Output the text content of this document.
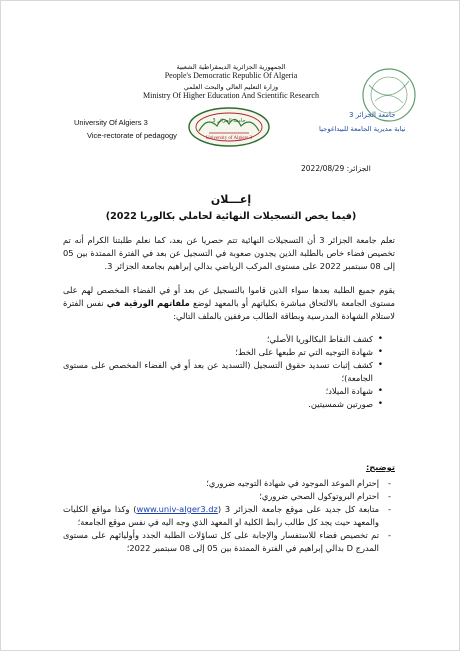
الجمهورية الجزائرية الديمقراطية الشعبية
People's Democratic Republic Of Algeria
وزارة التعليم العالي والبحث العلمي
Ministry Of Higher Education And Scientific Research
University Of Algiers 3
Vice-rectorate of pedagogy
جامعة الجزائر 3
University of Algiers 3
جامعة الجزائر 3
نيابة مديرية الجامعة للبيداغوجيا
الجزائر: 2022/08/29
إعـــلان
(فيما يخص التسجيلات النهائية لحاملي بكالوريا 2022)
تعلم جامعة الجزائر 3 أن التسجيلات النهائية تتم حصريا عن بعد، كما نعلم طلبتنا الكرام أنه تم تخصيص فضاء خاص بالطلبة الذين يجدون صعوبة في التسجيل عن بعد في الفترة الممتدة بين 05 إلى 08 سبتمبر 2022 على مستوى المركب الرياضي بدالي إبراهيم بجامعة الجزائر 3.
يقوم جميع الطلبة بعدها سواء الذين قاموا بالتسجيل عن بعد أو في الفضاء المخصص لهم على مستوى الجامعة بالالتحاق مباشرة بكلياتهم أو بالمعهد لوضع ملفاتهم الورقية في نفس الفترة لاستلام الشهادة المدرسية وبطاقة الطالب مرفقين بالملف التالي:
• كشف النقاط البكالوريا الأصلي؛
• شهادة التوجيه التي تم طبعها على الخط؛
• كشف إثبات تسديد حقوق التسجيل (التسديد عن بعد أو في الفضاء المخصص على مستوى الجامعة)؛
• شهادة الميلاد؛
• صورتين شمسيتين.
توضيح:
- إحترام الموعد الموجود في شهادة التوجيه ضروري؛
- احترام البروتوكول الصحي ضروري؛
- متابعة كل جديد على موقع جامعة الجزائر 3 (www.univ-alger3.dz) وكذا مواقع الكليات والمعهد حيث يجد كل طالب رابط الكلية او المعهد الذي وجه اليه في نفس موقع الجامعة؛
- تم تخصيص فضاء للاستفسار والإجابة على كل تساؤلات الطلبة الجدد وأوليائهم على مستوى المدرج D بدالي إبراهيم في الفترة الممتدة بين 05 إلى 08 سبتمبر 2022؛
